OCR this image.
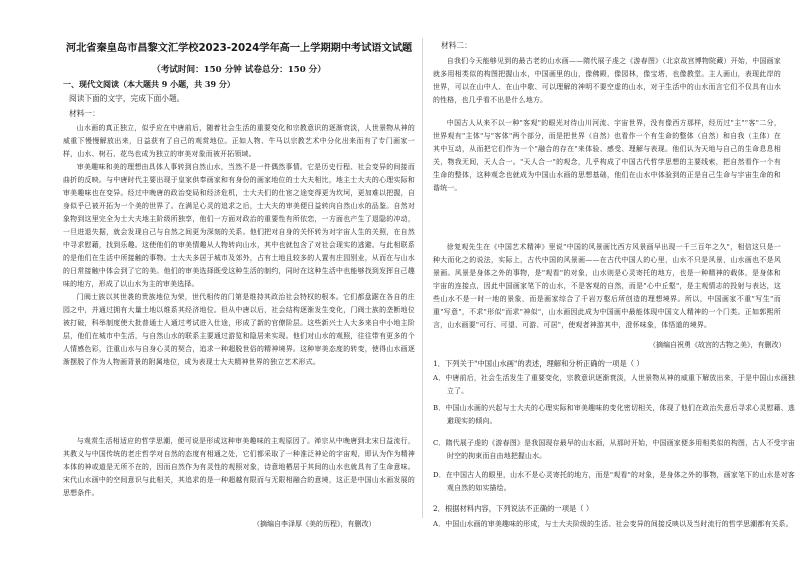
河北省秦皇岛市昌黎文汇学校2023-2024学年高一上学期期中考试语文试题
（考试时间：150 分钟 试卷总分：150 分）
一、现代文阅读（本大题共 9 小题，共 39 分）
阅读下面的文字，完成下面小题。
材料一：

山水画的真正独立，似乎应在中唐前后，随着社会生活的重要变化和宗教意识的逐渐衰淡，人世景物从神的威重下慢慢解放出来，日益获有了自己的观赏地位。正如人物、牛马以宗教艺术中分化出来而有了专门画家一样，山水、树石、花鸟也成为独立的审美对象而被开拓领域。

审美趣味和美的理想由具体人事转到自然山水，当然不是一件偶然事情。它是历史行程、社会变异的间接而曲折的反映。与中唐时代主要出现于皇家供奉画家和有身份的画家地位的士大夫相比，地主士大夫的心理实际和审美趣味也在变异。经过中晚唐的政治变局和经济危机，士大夫们的仕宦之途变得更为坎坷，更加难以把握，自身似乎已被开拓为一个美的世界了。在满足心灵的追求之后，士大夫的审美便日益转向自然山水的品鉴。自然对象物到这里完全为士大夫地主阶级所独享，他们一方面对政治的重要性有所依恋，一方面也产生了退隐的冲动，一旦进退失据，就会发现自己与自然之间更为深刻的关系。他们把对自身的关怀转为对宇宙人生的关照，在自然中寻求慰藉，找到乐趣。这使他们的审美情趣从人物转向山水，其中也就包含了对社会现实的逃避。与此相联系的是他们在生活中所接触的事物。士大夫多居于城市及郊外，占有土地且较多的人置有庄园别业，从而在与山水的日常接触中体会到了它的美。他们的审美选择既受这种生活的制约，同时在这种生活中也能够找到发挥自己趣味的地方，形成了以山水为主的审美选择。

门阀士族以其世袭的贵族地位为荣，世代相传的门第是维持其政治社会特权的根本。它们都盘踞在各自的庄园之中，并通过拥有大量土地以维系其经济地位。但从中唐以后，社会结构逐渐发生变化，门阀士族的垄断地位被打破，科举制度使大批普通士人通过考试进入仕途，形成了新的官僚阶层。这些新兴士人大多来自中小地主阶层，他们在城市中生活，与自然山水的联系主要通过游览和隐居来实现。他们对山水的观照，往往带有更多的个人情感色彩，注重山水与自身心灵的契合，追求一种超脱世俗的精神境界。这种审美态度的转变，使得山水画逐渐摆脱了作为人物画背景的附属地位，成为表现士大夫精神世界的独立艺术形式。

与观赏生活相适应的哲学思潮，便可说是形成这种审美趣味的主观原因了。禅宗从中晚唐到北宋日益流行，其教义与中国传统的老庄哲学对自然的态度有相通之处，它们都采取了一种准泛神论的宇宙观，即认为作为精神本体的神或道是无所不在的，因而自然作为有灵性的观照对象，诗意地栖居于其间的山水也就具有了生命意味。宋代山水画中的空间意识与此相关，其追求的是一种超越有限而与无限相融合的意境，这正是中国山水画发展的思想条件。

（摘编自李泽厚《美的历程》，有删改）
材料二：

自我们今天能够见到的最古老的山水画——隋代展子虔之《游春图》（北京故宫博物院藏）开始，中国画家就多用相类似的构图把握山水，中国画里的山，像佛殿，像园林，像宝塔，也像教堂。主人画山，表现此岸的世界，可以在山中人、在山中歌、可以理解的神明不要空虚的山水，对于生活中的山水而言它们不仅具有山水的性格，也几乎看不出是什么地方。

中国古人从来不以一种"客观"的眼光对待山川河流、宇宙世界，没有像西方那样，经历过"主""客"二分，世界观有"主体"与"客体"两个部分，而是把世界（自然）也看作一个有生命的整体（自然）和自我（主体）在其中互动，从而把它们作为一个"融合的存在"来体验、感受、理解与表现。他们认为天地与自己的生命息息相关，物我无间，天人合一。"天人合一"的观念，几乎构成了中国古代哲学思想的主要线索，把自然看作一个有生命的整体，这种观念也就成为中国山水画的思想基础，他们在山水中体验到的正是自己生命与宇宙生命的和谐统一。

徐复观先生在《中国艺术精神》里说"中国的风景画比西方风景画早出现一千三百年之久"，相信这只是一种大而化之的说法，实际上，古代中国的风景画——在古代中国人的心里，山水不只是风景，山水画也不是风景画。风景是身体之外的事物，是"观看"的对象，山水则是心灵寄托的地方，也是一种精神的载体，是身体和宇宙的连接点，因此中国画家笔下的山水，不是客观的自然，而是"心中丘壑"，是主观情志的投射与表达，这些山水不是一时一地的景象，而是画家综合了千岩万壑后所创造的理想境界。所以，中国画家不重"写生"而重"写意"，不求"形似"而求"神似"，山水画因此成为中国画中最能体现中国文人精神的一个门类。正如郭熙所言，山水画要"可行、可望、可游、可居"，使观者神游其中，澄怀味象，体悟道的境界。

（摘编自祝勇《故宫的古物之美》，有删改）
1．下列关于"中国山水画"的表述，理解和分析正确的一项是（ ）

A．中唐前后，社会生活发生了重要变化，宗教意识逐渐衰淡，人世景物从神的威重下解放出来，于是中国山水画独立了。

B．中国山水画的兴起与士大夫的心理实际和审美趣味的变化密切相关，体现了他们在政治失意后寻求心灵慰藉、逃避现实的倾向。

C．隋代展子虔的《游春图》是我国现存最早的山水画，从那时开始，中国画家便多用相类似的构图，古人不受宇宙时空的拘束而自由地把握山水。

D．在中国古人的眼里，山水不是心灵寄托的地方，而是"观看"的对象，是身体之外的事物，画家笔下的山水是对客观自然的如实描绘。

2．根据材料内容，下列说法不正确的一项是（ ）

A．中国山水画的审美趣味的形成，与士大夫阶级的生活、社会变异的间接反映以及当时流行的哲学思潮都有关系。
